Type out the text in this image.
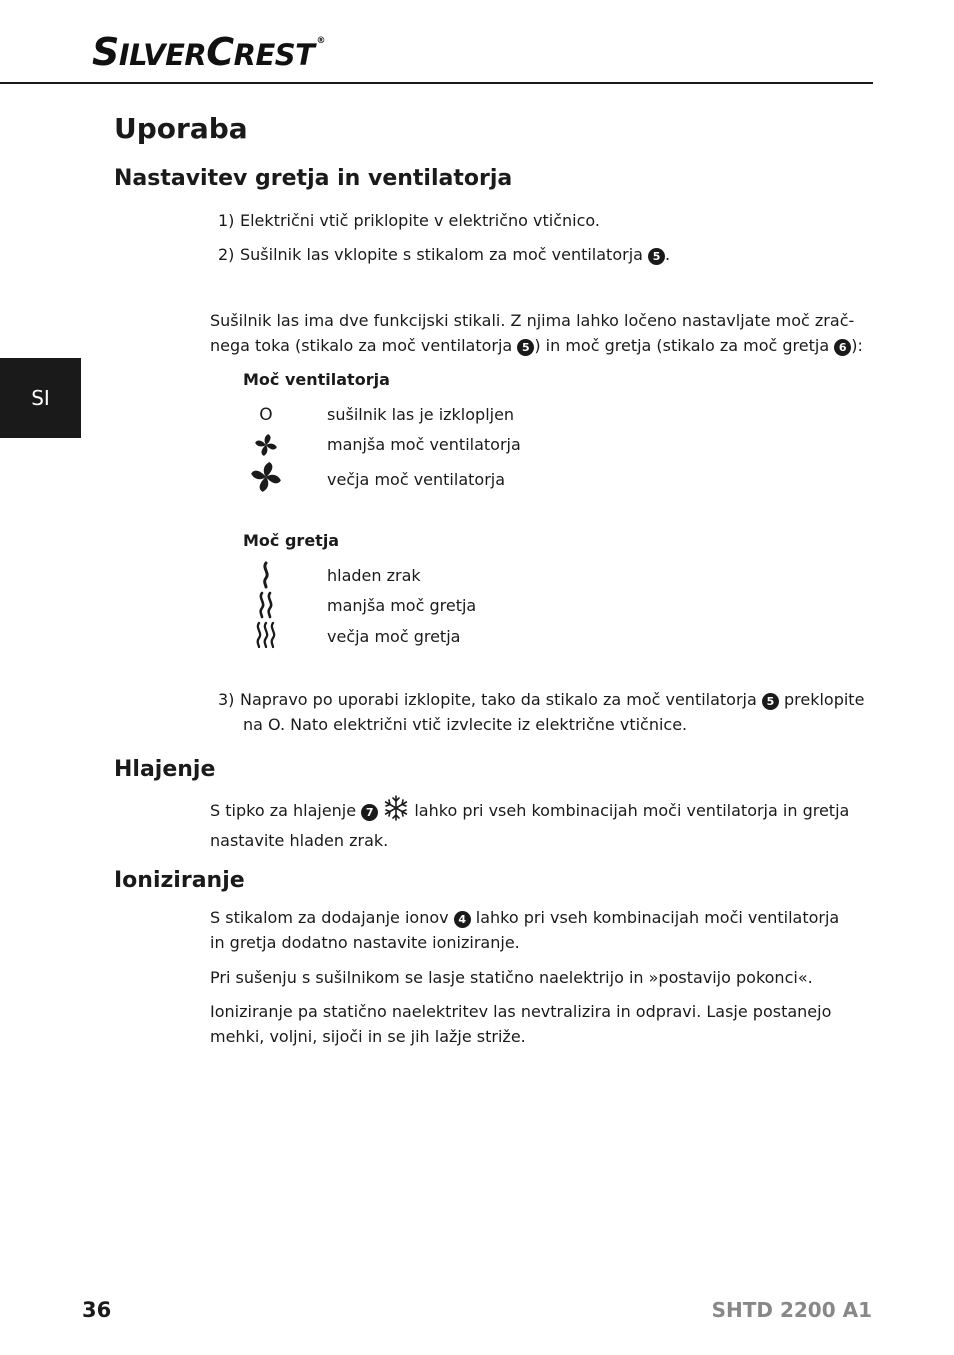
SILVERCREST ®
SI
Uporaba
Nastavitev gretja in ventilatorja
1) Električni vtič priklopite v električno vtičnico.
2) Sušilnik las vklopite s stikalom za moč ventilatorja 5 .
Sušilnik las ima dve funkcijski stikali. Z njima lahko ločeno nastavljate moč zrač-
nega toka (stikalo za moč ventilatorja 5 ) in moč gretja (stikalo za moč gretja 6 ):
Moč ventilatorja
O	sušilnik las je izklopljen
manjša moč ventilatorja
večja moč ventilatorja
Moč gretja
hladen zrak
manjša moč gretja
večja moč gretja
3) Napravo po uporabi izklopite, tako da stikalo za moč ventilatorja 5 preklopite
na O. Nato električni vtič izvlecite iz električne vtičnice.
Hlajenje
S tipko za hlajenje 7  lahko pri vseh kombinacijah moči ventilatorja in gretja
nastavite hladen zrak.
Ioniziranje
S stikalom za dodajanje ionov 4 lahko pri vseh kombinacijah moči ventilatorja
in gretja dodatno nastavite ioniziranje.
Pri sušenju s sušilnikom se lasje statično naelektrijo in »postavijo pokonci«.
Ioniziranje pa statično naelektritev las nevtralizira in odpravi. Lasje postanejo
mehki, voljni, sijoči in se jih lažje striže.
36	SHTD 2200 A1
